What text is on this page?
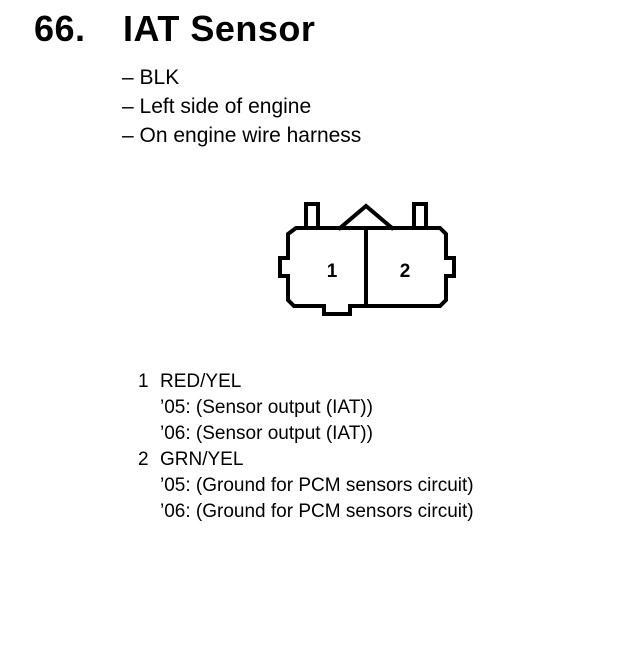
66. IAT Sensor
– BLK
– Left side of engine
– On engine wire harness
1	2
1 RED/YEL
’05: (Sensor output (IAT))
’06: (Sensor output (IAT))
2 GRN/YEL
’05: (Ground for PCM sensors circuit)
’06: (Ground for PCM sensors circuit)
